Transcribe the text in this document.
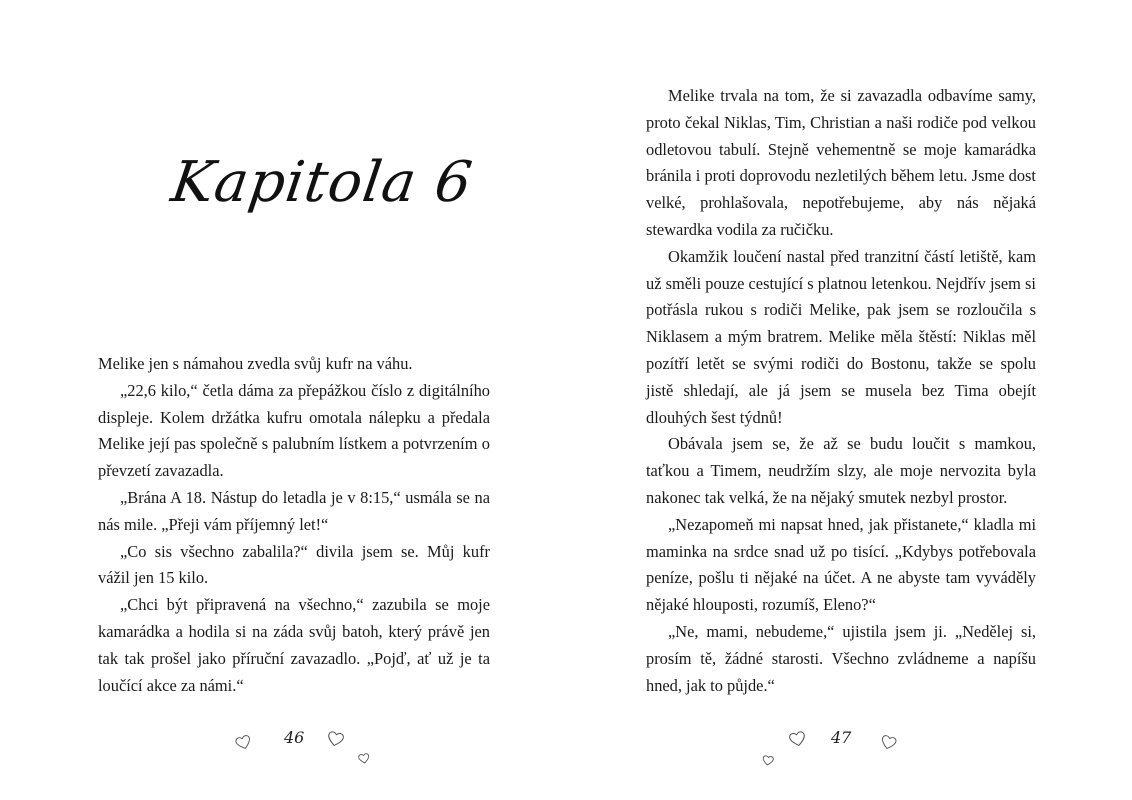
Kapitola 6

Melike jen s námahou zvedla svůj kufr na váhu.

„22,6 kilo,“ četla dáma za přepážkou číslo z digitálního displeje. Kolem držátka kufru omotala nálepku a předala Melike její pas společně s palubním lístkem a potvrzením o převzetí zavazadla.

„Brána A 18. Nástup do letadla je v 8:15,“ usmála se na nás mile. „Přeji vám příjemný let!“

„Co sis všechno zabalila?“ divila jsem se. Můj kufr vážil jen 15 kilo.

„Chci být připravená na všechno,“ zazubila se moje kamarádka a hodila si na záda svůj batoh, který právě jen tak tak prošel jako příruční zavazadlo. „Pojď, ať už je ta loučící akce za námi.“

46

Melike trvala na tom, že si zavazadla odbavíme samy, proto čekal Niklas, Tim, Christian a naši rodiče pod velkou odletovou tabulí. Stejně vehementně se moje kamarádka bránila i proti doprovodu nezletilých během letu. Jsme dost velké, prohlašovala, nepotřebujeme, aby nás nějaká stewardka vodila za ručičku.

Okamžik loučení nastal před tranzitní částí letiště, kam už směli pouze cestující s platnou letenkou. Nejdřív jsem si potřásla rukou s rodiči Melike, pak jsem se rozloučila s Niklasem a mým bratrem. Melike měla štěstí: Niklas měl pozítří letět se svými rodiči do Bostonu, takže se spolu jistě shledají, ale já jsem se musela bez Tima obejít dlouhých šest týdnů!

Obávala jsem se, že až se budu loučit s mamkou, taťkou a Timem, neudržím slzy, ale moje nervozita byla nakonec tak velká, že na nějaký smutek nezbyl prostor.

„Nezapomeň mi napsat hned, jak přistanete,“ kladla mi maminka na srdce snad už po tisící. „Kdybys potřebovala peníze, pošlu ti nějaké na účet. A ne abyste tam vyváděly nějaké hlouposti, rozumíš, Eleno?“

„Ne, mami, nebudeme,“ ujistila jsem ji. „Nedělej si, prosím tě, žádné starosti. Všechno zvládneme a napíšu hned, jak to půjde.“

47
